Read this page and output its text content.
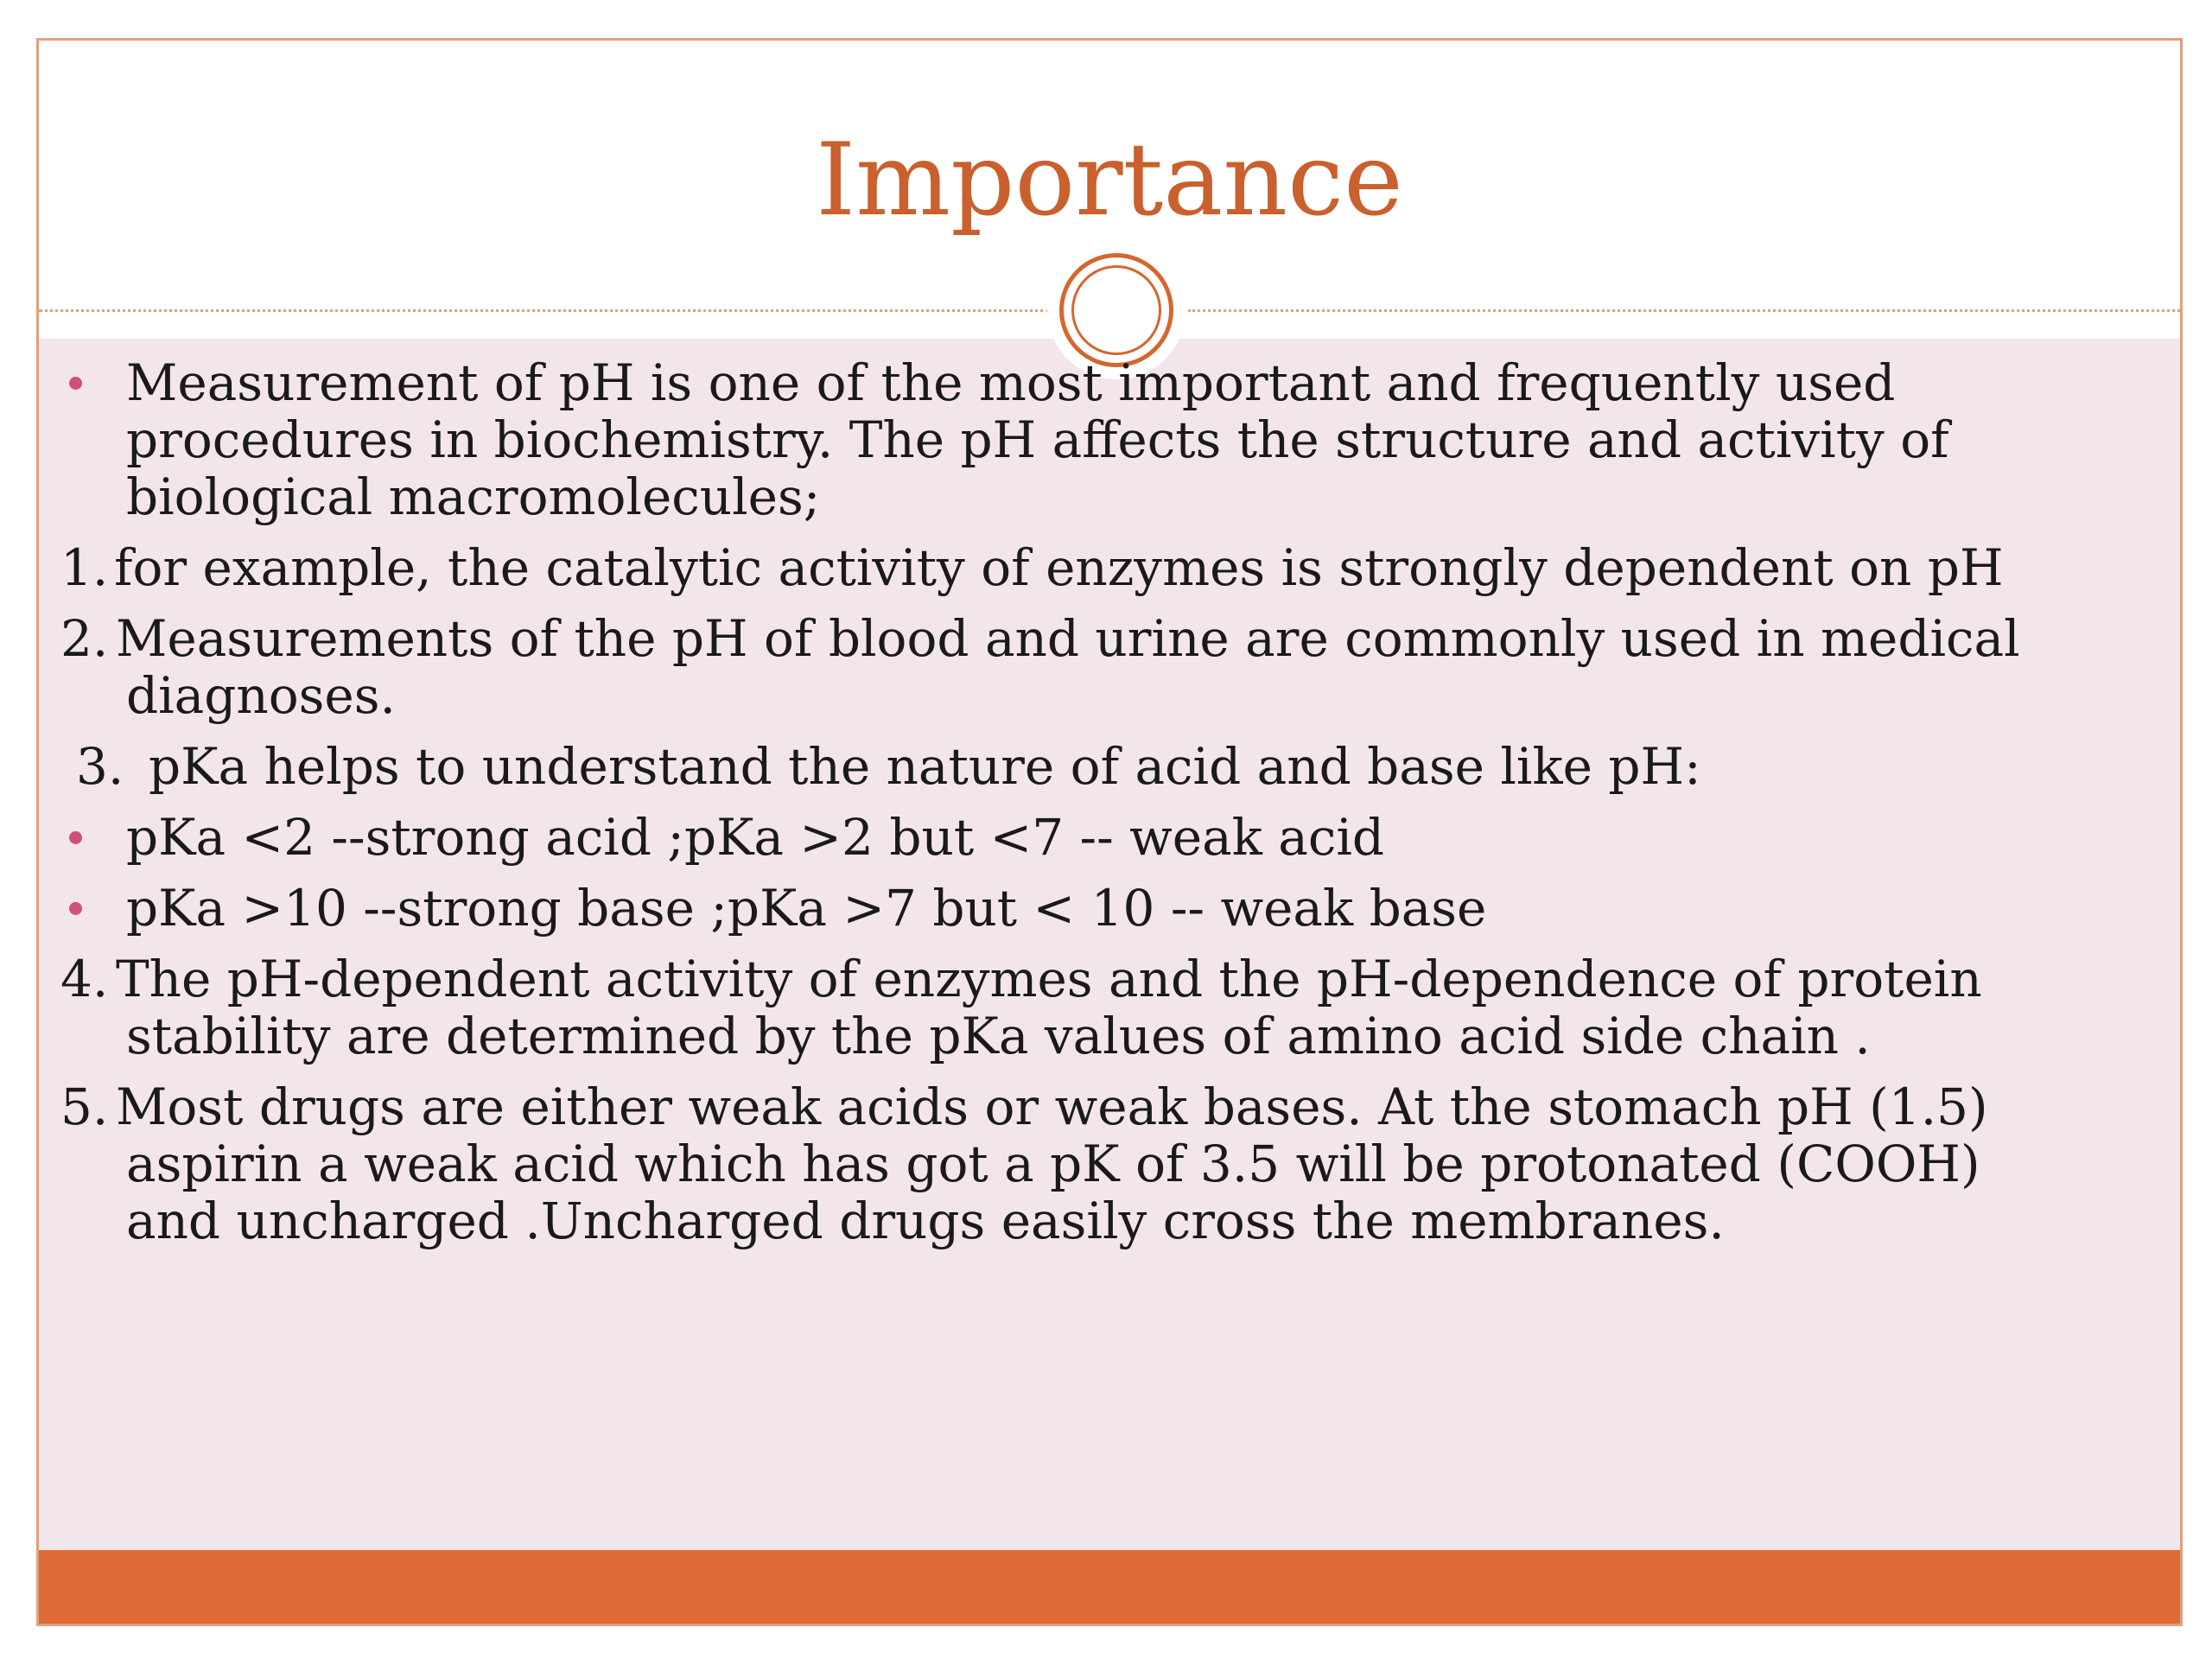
Importance
Measurement of pH is one of the most important and frequently used
procedures in biochemistry. The pH affects the structure and activity of
biological macromolecules;
1. for example, the catalytic activity of enzymes is strongly dependent on pH
2. Measurements of the pH of blood and urine are commonly used in medical
diagnoses.
3. pKa helps to understand the nature of acid and base like pH:
pKa <2 --strong acid ;pKa >2 but <7 -- weak acid
pKa >10 --strong base ;pKa >7 but < 10 -- weak base
4. The pH-dependent activity of enzymes and the pH-dependence of protein
stability are determined by the pKa values of amino acid side chain .
5. Most drugs are either weak acids or weak bases. At the stomach pH (1.5)
aspirin a weak acid which has got a pK of 3.5 will be protonated (COOH)
and uncharged .Uncharged drugs easily cross the membranes.
